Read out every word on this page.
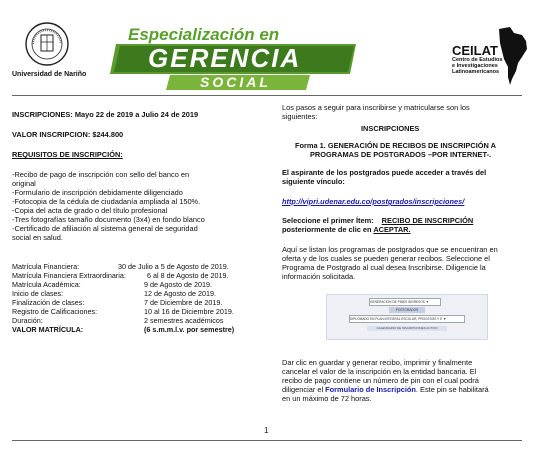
Universidad de Nariño
Especialización en
GERENCIA
SOCIAL
CEILAT
Centro de Estudios
e Investigaciones
Latinoamericanos
INSCRIPCIONES: Mayo 22 de 2019 a Julio 24 de 2019
VALOR INSCRIPCION: $244.800
REQUISITOS DE INSCRIPCIÓN:
-Recibo de pago de inscripción con sello del banco en
original
-Formulario de inscripción debidamente diligenciado
-Fotocopia de la cédula de ciudadanía ampliada al 150%.
-Copia del acta de grado o del título profesional
-Tres fotografías tamaño documento (3x4) en fondo blanco
-Certificado de afiliación al sistema general de seguridad
social en salud.
Matrícula Financiera:	30 de Julio a 5 de Agosto de 2019.
Matrícula Financiera Extraordinaria:	6 al 8 de Agosto de 2019.
Matrícula Académica:	9 de Agosto de 2019.
Inicio de clases:	12 de Agosto de 2019.
Finalización de clases:	7 de Diciembre de 2019.
Registro de Calificaciones:	10 al 16 de Diciembre 2019.
Duración:	2 semestres académicos
VALOR MATRÍCULA:	(6 s.m.m.l.v. por semestre)
Los pasos a seguir para inscribirse y matricularse son los
siguientes:
INSCRIPCIONES
Forma 1. GENERACIÓN DE RECIBOS DE INSCRIPCIÓN A
PROGRAMAS DE POSTGRADOS –POR INTERNET-.
El aspirante de los postgrados puede acceder a través del
siguiente vínculo:
http://vipri.udenar.edu.co/postgrados/inscripciones/
Seleccione el primer Ítem: RECIBO DE INSCRIPCIÓN
posteriormente de clic en ACEPTAR.
Aquí se listan los programas de postgrados que se encuentran en
oferta y de los cuales se pueden generar recibos. Seleccione el
Programa de Postgrado al cual desea Inscribirse. Diligencie la
información solicitada.
GENERACION DE PINES INGRESOS ▼
POSTGRADOS
DIPLOMADO EN PLAN INTEGRAL ESCOLAR, PROCESOS Y E ▼
CALENDARIO DE INSCRIPCIONES ACTIVO
Dar clic en guardar y generar recibo, imprimir y finalmente
cancelar el valor de la inscripción en la entidad bancaria. El
recibo de pago contiene un número de pin con el cual podrá
diligenciar el Formulario de Inscripción. Este pin se habilitará
en un máximo de 72 horas.
1
